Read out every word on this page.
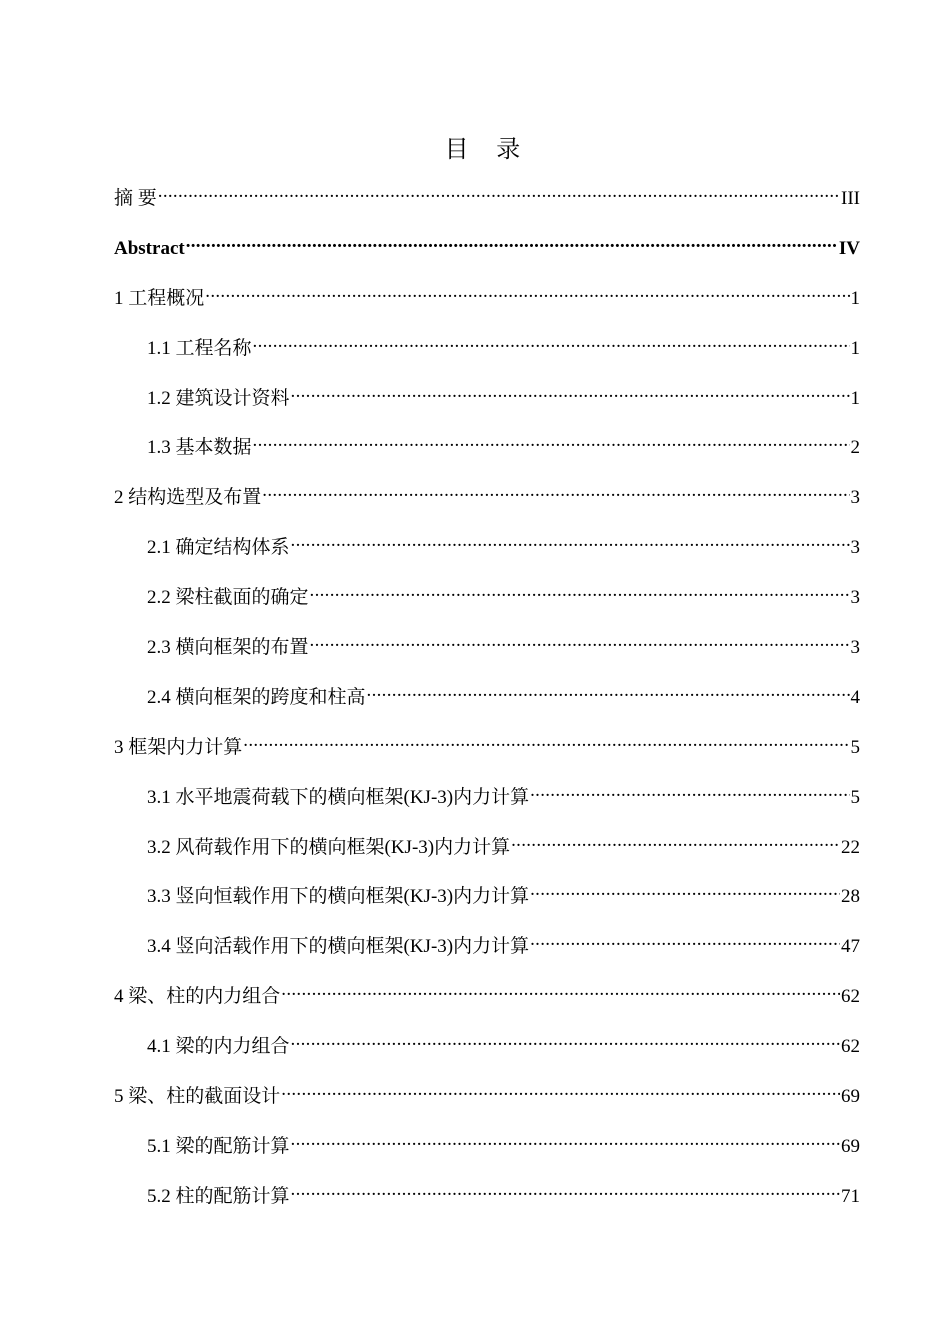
目 录
摘 要 .....	III
Abstract .....	IV
1 工程概况 .....	1
1.1 工程名称 .....	1
1.2 建筑设计资料 .....	1
1.3 基本数据 .....	2
2 结构选型及布置 .....	3
2.1 确定结构体系 .....	3
2.2 梁柱截面的确定 .....	3
2.3 横向框架的布置 .....	3
2.4 横向框架的跨度和柱高 .....	4
3 框架内力计算 .....	5
3.1 水平地震荷载下的横向框架(KJ-3)内力计算 .....	5
3.2 风荷载作用下的横向框架(KJ-3)内力计算 .....	22
3.3 竖向恒载作用下的横向框架(KJ-3)内力计算 .....	28
3.4 竖向活载作用下的横向框架(KJ-3)内力计算 .....	47
4 梁、柱的内力组合 .....	62
4.1 梁的内力组合 .....	62
5 梁、柱的截面设计 .....	69
5.1 梁的配筋计算 .....	69
5.2 柱的配筋计算 .....	71
